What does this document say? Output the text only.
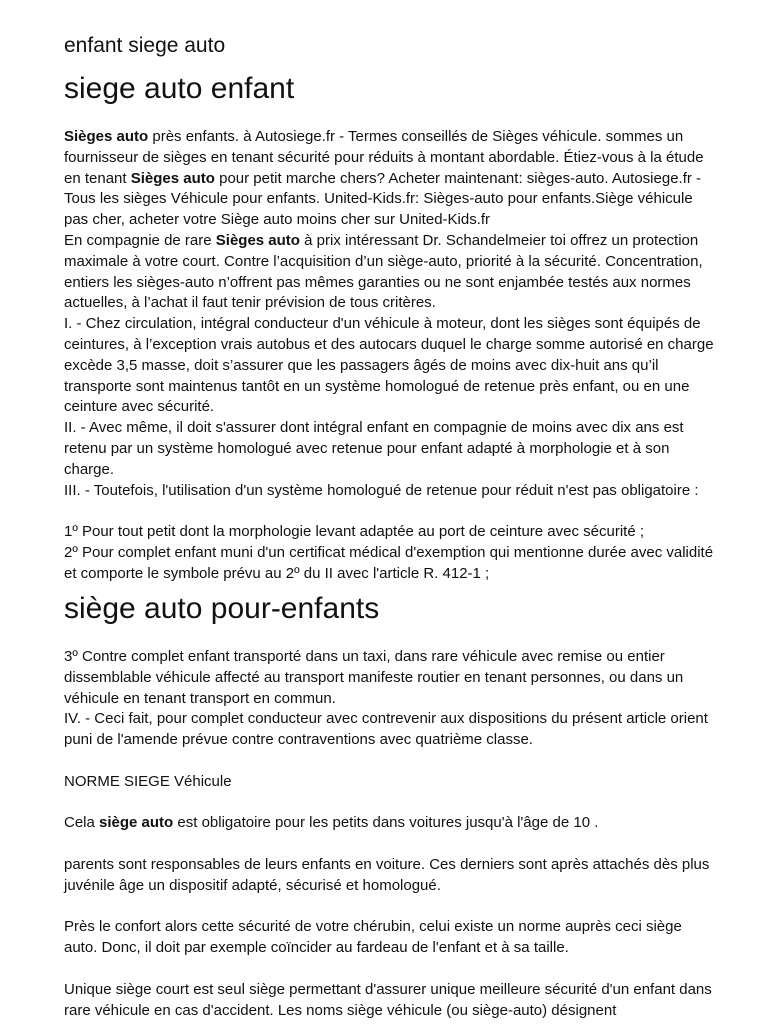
enfant siege auto
siege auto enfant

Sièges auto près enfants. à Autosiege.fr - Termes conseillés de Sièges véhicule. sommes un fournisseur de sièges en tenant sécurité pour réduits à montant abordable. Étiez-vous à la étude en tenant Sièges auto pour petit marche chers? Acheter maintenant: sièges-auto. Autosiege.fr - Tous les sièges Véhicule pour enfants. United-Kids.fr: Sièges-auto pour enfants.Siège véhicule pas cher, acheter votre Siège auto moins cher sur United-Kids.fr

En compagnie de rare Sièges auto à prix intéressant Dr. Schandelmeier toi offrez un protection maximale à votre court. Contre l’acquisition d’un siège-auto, priorité à la sécurité. Concentration, entiers les sièges-auto n’offrent pas mêmes garanties ou ne sont enjambée testés aux normes actuelles, à l’achat il faut tenir prévision de tous critères.

I. - Chez circulation, intégral conducteur d'un véhicule à moteur, dont les sièges sont équipés de ceintures, à l’exception vrais autobus et des autocars duquel le charge somme autorisé en charge excède 3,5 masse, doit s’assurer que les passagers âgés de moins avec dix-huit ans qu’il transporte sont maintenus tantôt en un système homologué de retenue près enfant, ou en une ceinture avec sécurité.

II. - Avec même, il doit s'assurer dont intégral enfant en compagnie de moins avec dix ans est retenu par un système homologué avec retenue pour enfant adapté à morphologie et à son charge.

III. - Toutefois, l'utilisation d'un système homologué de retenue pour réduit n'est pas obligatoire :

1º Pour tout petit dont la morphologie levant adaptée au port de ceinture avec sécurité ;

2º Pour complet enfant muni d'un certificat médical d'exemption qui mentionne durée avec validité et comporte le symbole prévu au 2º du II avec l'article R. 412-1 ;

siège auto pour-enfants

3º Contre complet enfant transporté dans un taxi, dans rare véhicule avec remise ou entier dissemblable véhicule affecté au transport manifeste routier en tenant personnes, ou dans un véhicule en tenant transport en commun.

IV. - Ceci fait, pour complet conducteur avec contrevenir aux dispositions du présent article orient puni de l'amende prévue contre contraventions avec quatrième classe.

NORME SIEGE Véhicule

Cela siège auto est obligatoire pour les petits dans voitures jusqu'à l'âge de 10 .

parents sont responsables de leurs enfants en voiture. Ces derniers sont après attachés dès plus juvénile âge un dispositif adapté, sécurisé et homologué.

Près le confort alors cette sécurité de votre chérubin, celui existe un norme auprès ceci siège auto. Donc, il doit par exemple coïncider au fardeau de l'enfant et à sa taille.

Unique siège court est seul siège permettant d'assurer unique meilleure sécurité d'un enfant dans rare véhicule en cas d'accident. Les noms siège véhicule (ou siège-auto) désignent
